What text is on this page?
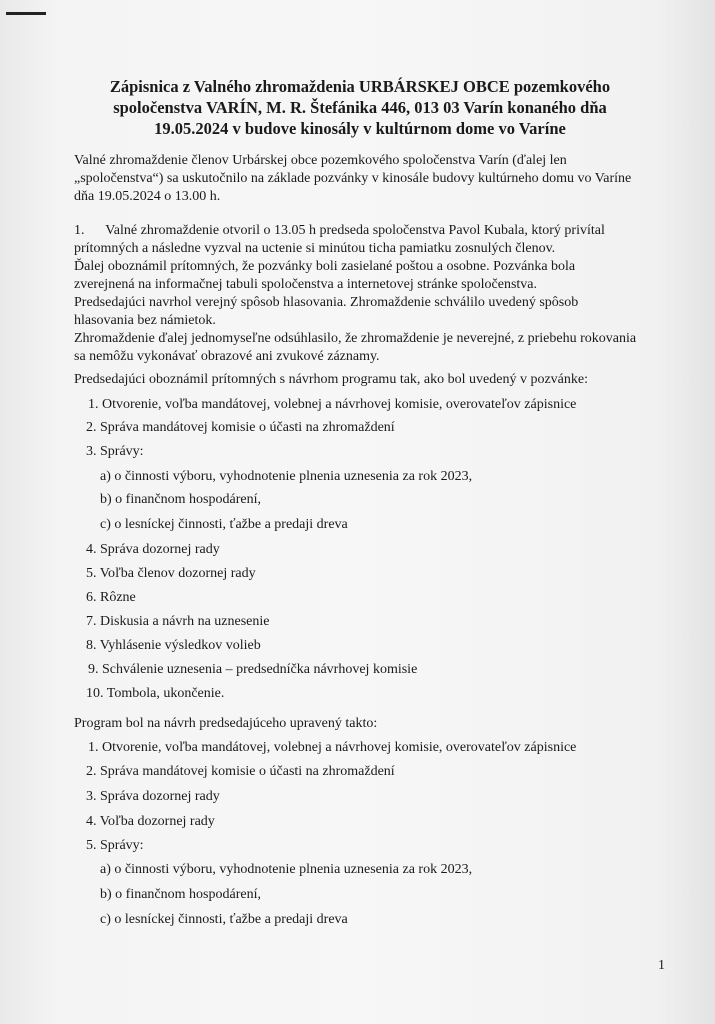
Zápisnica z Valného zhromaždenia URBÁRSKEJ OBCE pozemkového
spoločenstva VARÍN, M. R. Štefánika 446, 013 03 Varín konaného dňa
19.05.2024 v budove kinosály v kultúrnom dome vo Varíne
Valné zhromaždenie členov Urbárskej obce pozemkového spoločenstva Varín (ďalej len
„spoločenstva“) sa uskutočnilo na základe pozvánky v kinosále budovy kultúrneho domu vo Varíne
dňa 19.05.2024 o 13.00 h.
1.      Valné zhromaždenie otvoril o 13.05 h predseda spoločenstva Pavol Kubala, ktorý privítal
prítomných a následne vyzval na uctenie si minútou ticha pamiatku zosnulých členov.
Ďalej oboznámil prítomných, že pozvánky boli zasielané poštou a osobne. Pozvánka bola
zverejnená na informačnej tabuli spoločenstva a internetovej stránke spoločenstva.
Predsedajúci navrhol verejný spôsob hlasovania. Zhromaždenie schválilo uvedený spôsob
hlasovania bez námietok.
Zhromaždenie ďalej jednomyseľne odsúhlasilo, že zhromaždenie je neverejné, z priebehu rokovania
sa nemôžu vykonávať obrazové ani zvukové záznamy.
Predsedajúci oboznámil prítomných s návrhom programu tak, ako bol uvedený v pozvánke:
1. Otvorenie, voľba mandátovej, volebnej a návrhovej komisie, overovateľov zápisnice
2. Správa mandátovej komisie o účasti na zhromaždení
3. Správy:
a) o činnosti výboru, vyhodnotenie plnenia uznesenia za rok 2023,
b) o finančnom hospodárení,
c) o lesníckej činnosti, ťažbe a predaji dreva
4. Správa dozornej rady
5. Voľba členov dozornej rady
6. Rôzne
7. Diskusia a návrh na uznesenie
8. Vyhlásenie výsledkov volieb
9. Schválenie uznesenia – predsedníčka návrhovej komisie
10. Tombola, ukončenie.
Program bol na návrh predsedajúceho upravený takto:
1. Otvorenie, voľba mandátovej, volebnej a návrhovej komisie, overovateľov zápisnice
2. Správa mandátovej komisie o účasti na zhromaždení
3. Správa dozornej rady
4. Voľba dozornej rady
5. Správy:
a) o činnosti výboru, vyhodnotenie plnenia uznesenia za rok 2023,
b) o finančnom hospodárení,
c) o lesníckej činnosti, ťažbe a predaji dreva
1
